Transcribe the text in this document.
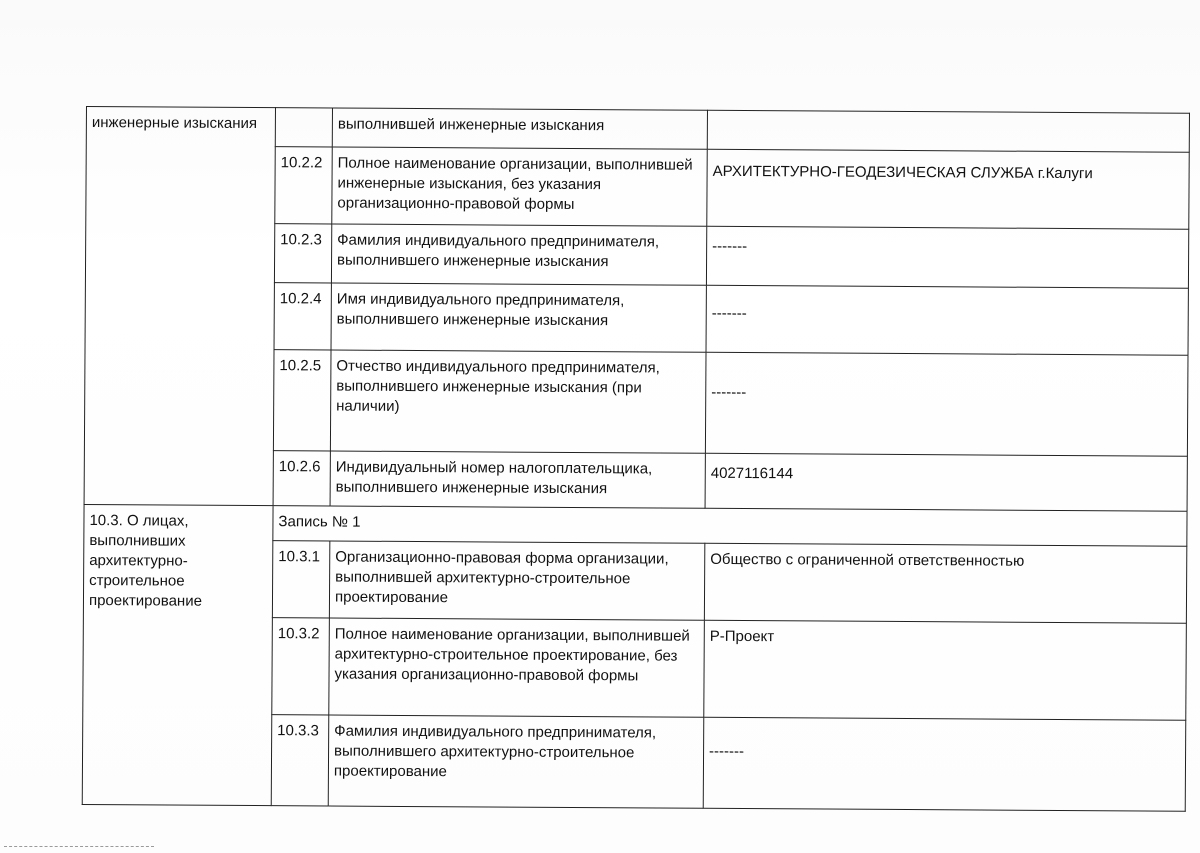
инженерные изыскания		выполнившей инженерные изыскания	
	10.2.2	Полное наименование организации, выполнившей инженерные изыскания, без указания организационно-правовой формы	АРХИТЕКТУРНО-ГЕОДЕЗИЧЕСКАЯ СЛУЖБА г.Калуги
	10.2.3	Фамилия индивидуального предпринимателя, выполнившего инженерные изыскания	-------
	10.2.4	Имя индивидуального предпринимателя, выполнившего инженерные изыскания	-------
	10.2.5	Отчество индивидуального предпринимателя, выполнившего инженерные изыскания (при наличии)	-------
	10.2.6	Индивидуальный номер налогоплательщика, выполнившего инженерные изыскания	4027116144
10.3. О лицах, выполнивших архитектурно-строительное проектирование	Запись № 1		
	10.3.1	Организационно-правовая форма организации, выполнившей архитектурно-строительное проектирование	Общество с ограниченной ответственностью
	10.3.2	Полное наименование организации, выполнившей архитектурно-строительное проектирование, без указания организационно-правовой формы	Р-Проект
	10.3.3	Фамилия индивидуального предпринимателя, выполнившего архитектурно-строительное проектирование	-------
